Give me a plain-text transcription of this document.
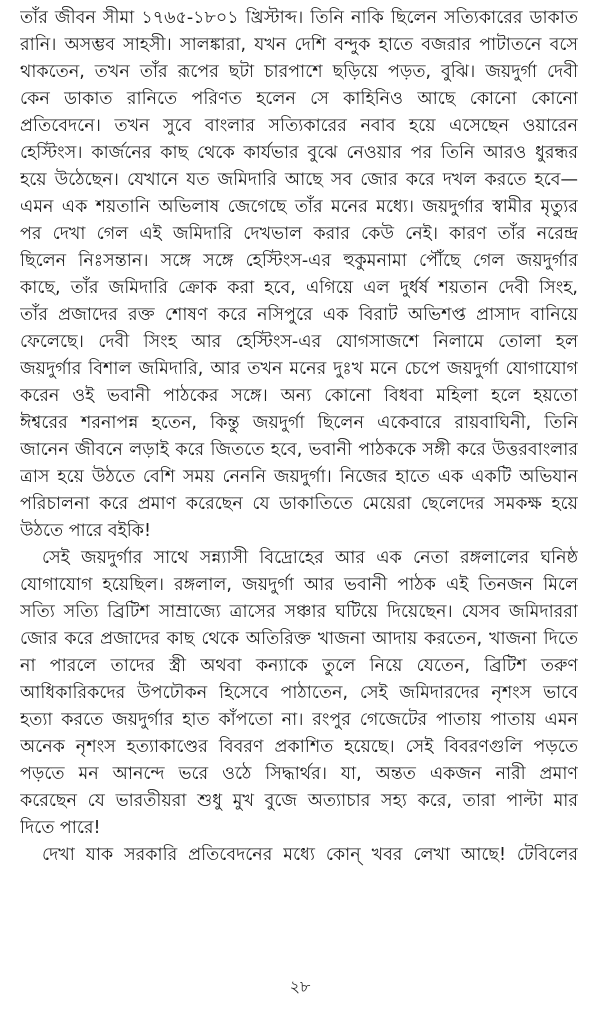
তাঁর জীবন সীমা ১৭৬৫-১৮০১ খ্রিস্টাব্দ। তিনি নাকি ছিলেন সত্যিকারের ডাকাত
রানি। অসম্ভব সাহসী। সালঙ্কারা, যখন দেশি বন্দুক হাতে বজরার পাটাতনে বসে
থাকতেন, তখন তাঁর রূপের ছটা চারপাশে ছড়িয়ে পড়ত, বুঝি। জয়দুর্গা দেবী
কেন ডাকাত রানিতে পরিণত হলেন সে কাহিনিও আছে কোনো কোনো
প্রতিবেদনে। তখন সুবে বাংলার সত্যিকারের নবাব হয়ে এসেছেন ওয়ারেন
হেস্টিংস। কার্জনের কাছ থেকে কার্যভার বুঝে নেওয়ার পর তিনি আরও ধুরন্ধর
হয়ে উঠেছেন। যেখানে যত জমিদারি আছে সব জোর করে দখল করতে হবে—
এমন এক শয়তানি অভিলাষ জেগেছে তাঁর মনের মধ্যে। জয়দুর্গার স্বামীর মৃত্যুর
পর দেখা গেল এই জমিদারি দেখভাল করার কেউ নেই। কারণ তাঁর নরেন্দ্র
ছিলেন নিঃসন্তান। সঙ্গে সঙ্গে হেস্টিংস-এর হুকুমনামা পৌঁছে গেল জয়দুর্গার
কাছে, তাঁর জমিদারি ক্রোক করা হবে, এগিয়ে এল দুর্ধর্ষ শয়তান দেবী সিংহ,
তাঁর প্রজাদের রক্ত শোষণ করে নসিপুরে এক বিরাট অভিশপ্ত প্রাসাদ বানিয়ে
ফেলেছে। দেবী সিংহ আর হেস্টিংস-এর যোগসাজশে নিলামে তোলা হল
জয়দুর্গার বিশাল জমিদারি, আর তখন মনের দুঃখ মনে চেপে জয়দুর্গা যোগাযোগ
করেন ওই ভবানী পাঠকের সঙ্গে। অন্য কোনো বিধবা মহিলা হলে হয়তো
ঈশ্বরের শরনাপন্ন হতেন, কিন্তু জয়দুর্গা ছিলেন একেবারে রায়বাঘিনী, তিনি
জানেন জীবনে লড়াই করে জিততে হবে, ভবানী পাঠককে সঙ্গী করে উত্তরবাংলার
ত্রাস হয়ে উঠতে বেশি সময় নেননি জয়দুর্গা। নিজের হাতে এক একটি অভিযান
পরিচালনা করে প্রমাণ করেছেন যে ডাকাতিতে মেয়েরা ছেলেদের সমকক্ষ হয়ে
উঠতে পারে বইকি!
সেই জয়দুর্গার সাথে সন্ন্যাসী বিদ্রোহের আর এক নেতা রঙ্গলালের ঘনিষ্ঠ
যোগাযোগ হয়েছিল। রঙ্গলাল, জয়দুর্গা আর ভবানী পাঠক এই তিনজন মিলে
সত্যি সত্যি ব্রিটিশ সাম্রাজ্যে ত্রাসের সঞ্চার ঘটিয়ে দিয়েছেন। যেসব জমিদাররা
জোর করে প্রজাদের কাছ থেকে অতিরিক্ত খাজনা আদায় করতেন, খাজনা দিতে
না পারলে তাদের স্ত্রী অথবা কন্যাকে তুলে নিয়ে যেতেন, ব্রিটিশ তরুণ
আধিকারিকদের উপঢৌকন হিসেবে পাঠাতেন, সেই জমিদারদের নৃশংস ভাবে
হত্যা করতে জয়দুর্গার হাত কাঁপতো না। রংপুর গেজেটের পাতায় পাতায় এমন
অনেক নৃশংস হত্যাকাণ্ডের বিবরণ প্রকাশিত হয়েছে। সেই বিবরণগুলি পড়তে
পড়তে মন আনন্দে ভরে ওঠে সিদ্ধার্থর। যা, অন্তত একজন নারী প্রমাণ
করেছেন যে ভারতীয়রা শুধু মুখ বুজে অত্যাচার সহ্য করে, তারা পাল্টা মার
দিতে পারে!
দেখা যাক সরকারি প্রতিবেদনের মধ্যে কোন্ খবর লেখা আছে! টেবিলের
২৮
